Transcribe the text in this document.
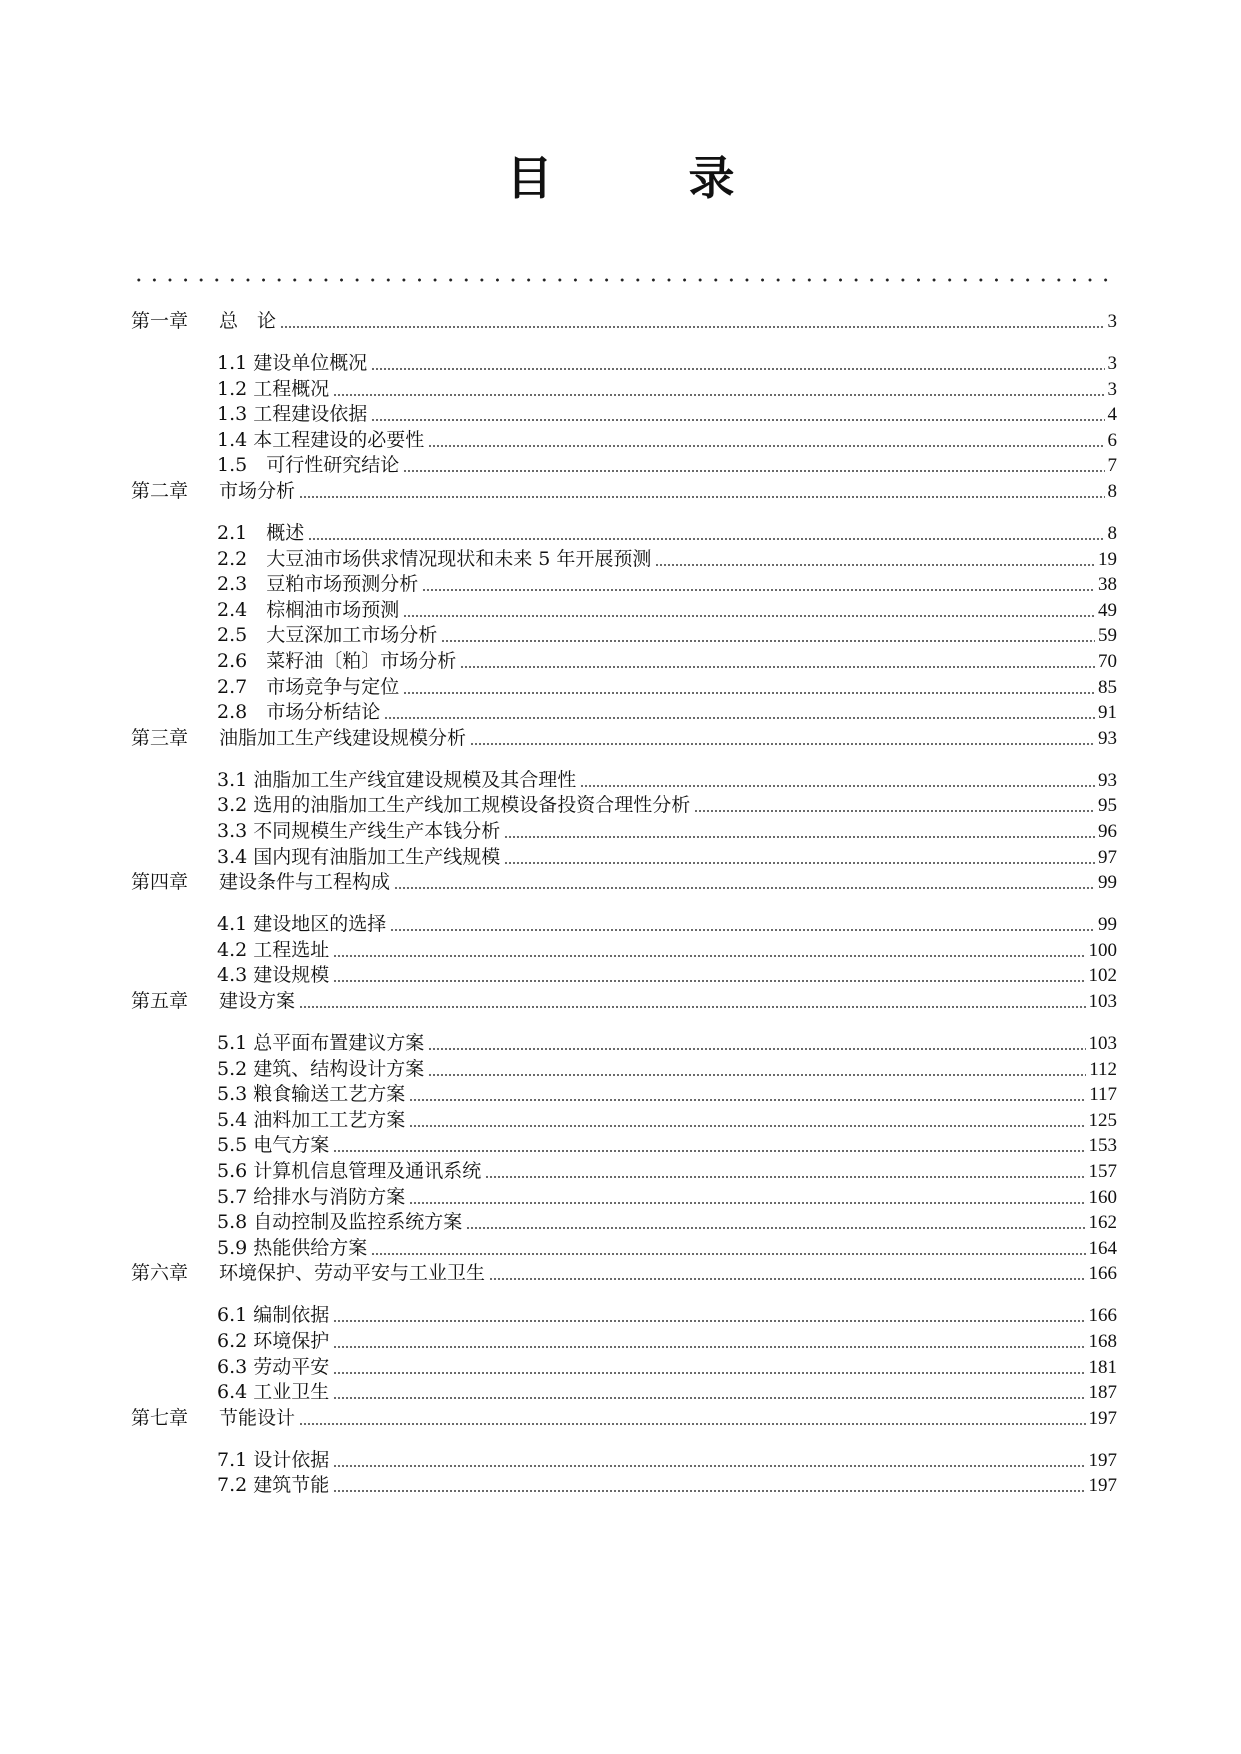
目 录
第一章	总　论	3
1.1 建设单位概况	3
1.2 工程概况	3
1.3 工程建设依据	4
1.4 本工程建设的必要性	6
1.5　可行性研究结论	7
第二章	市场分析	8
2.1　概述	8
2.2　大豆油市场供求情况现状和未来 5 年开展预测	19
2.3　豆粕市场预测分析	38
2.4　棕榈油市场预测	49
2.5　大豆深加工市场分析	59
2.6　菜籽油〔粕〕市场分析	70
2.7　市场竞争与定位	85
2.8　市场分析结论	91
第三章	油脂加工生产线建设规模分析	93
3.1 油脂加工生产线宜建设规模及其合理性	93
3.2 选用的油脂加工生产线加工规模设备投资合理性分析	95
3.3 不同规模生产线生产本钱分析	96
3.4 国内现有油脂加工生产线规模	97
第四章	建设条件与工程构成	99
4.1 建设地区的选择	99
4.2 工程选址	100
4.3 建设规模	102
第五章	建设方案	103
5.1 总平面布置建议方案	103
5.2 建筑、结构设计方案	112
5.3 粮食输送工艺方案	117
5.4 油料加工工艺方案	125
5.5 电气方案	153
5.6 计算机信息管理及通讯系统	157
5.7 给排水与消防方案	160
5.8 自动控制及监控系统方案	162
5.9 热能供给方案	164
第六章	环境保护、劳动平安与工业卫生	166
6.1 编制依据	166
6.2 环境保护	168
6.3 劳动平安	181
6.4 工业卫生	187
第七章	节能设计	197
7.1 设计依据	197
7.2 建筑节能	197
